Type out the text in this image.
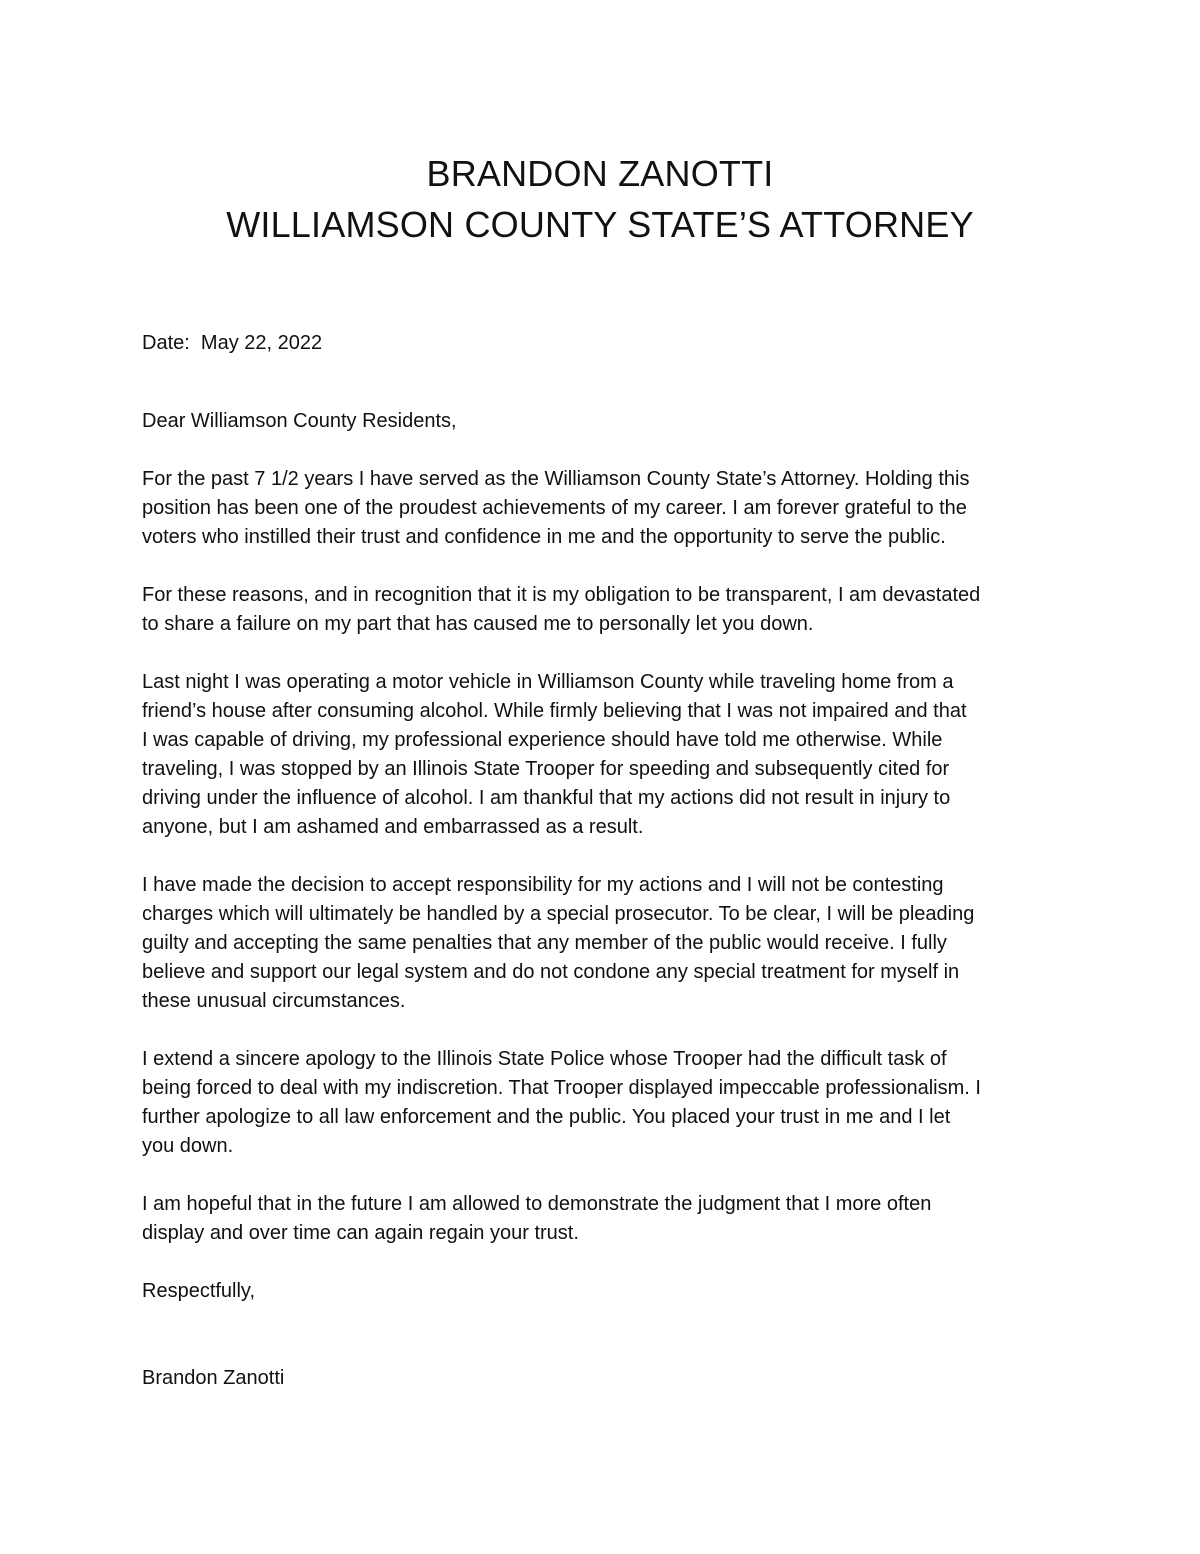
BRANDON ZANOTTI
WILLIAMSON COUNTY STATE’S ATTORNEY

Date:  May 22, 2022

Dear Williamson County Residents,

For the past 7 1/2 years I have served as the Williamson County State’s Attorney. Holding this
position has been one of the proudest achievements of my career. I am forever grateful to the
voters who instilled their trust and confidence in me and the opportunity to serve the public.

For these reasons, and in recognition that it is my obligation to be transparent, I am devastated
to share a failure on my part that has caused me to personally let you down.

Last night I was operating a motor vehicle in Williamson County while traveling home from a
friend’s house after consuming alcohol. While firmly believing that I was not impaired and that
I was capable of driving, my professional experience should have told me otherwise. While
traveling, I was stopped by an Illinois State Trooper for speeding and subsequently cited for
driving under the influence of alcohol. I am thankful that my actions did not result in injury to
anyone, but I am ashamed and embarrassed as a result.

I have made the decision to accept responsibility for my actions and I will not be contesting
charges which will ultimately be handled by a special prosecutor. To be clear, I will be pleading
guilty and accepting the same penalties that any member of the public would receive. I fully
believe and support our legal system and do not condone any special treatment for myself in
these unusual circumstances.

I extend a sincere apology to the Illinois State Police whose Trooper had the difficult task of
being forced to deal with my indiscretion. That Trooper displayed impeccable professionalism. I
further apologize to all law enforcement and the public. You placed your trust in me and I let
you down.

I am hopeful that in the future I am allowed to demonstrate the judgment that I more often
display and over time can again regain your trust.

Respectfully,

Brandon Zanotti
